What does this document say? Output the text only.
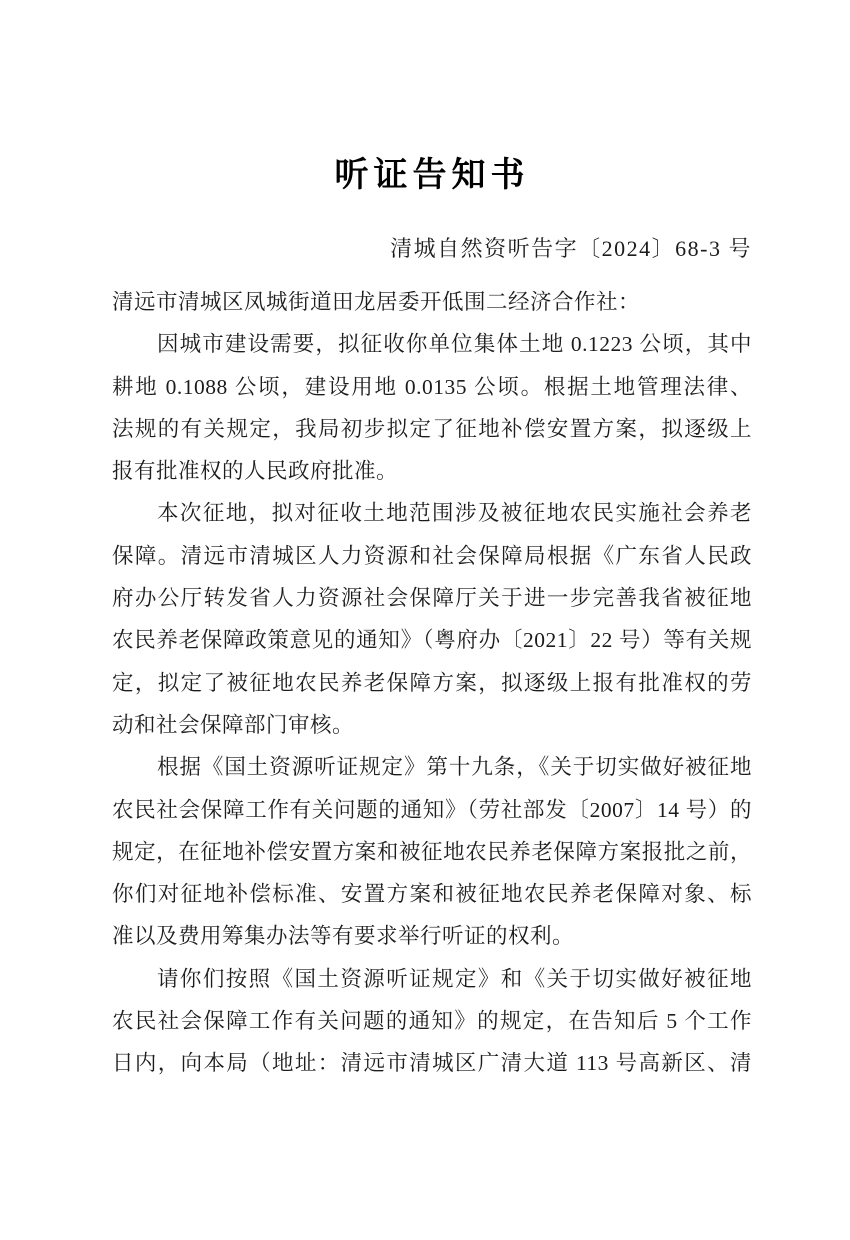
听证告知书
清城自然资听告字〔2024〕68-3 号
清远市清城区凤城街道田龙居委开低围二经济合作社：
因城市建设需要，拟征收你单位集体土地 0.1223 公顷，其中
耕地 0.1088 公顷，建设用地 0.0135 公顷。根据土地管理法律、
法规的有关规定，我局初步拟定了征地补偿安置方案，拟逐级上
报有批准权的人民政府批准。
本次征地，拟对征收土地范围涉及被征地农民实施社会养老
保障。清远市清城区人力资源和社会保障局根据《广东省人民政
府办公厅转发省人力资源社会保障厅关于进一步完善我省被征地
农民养老保障政策意见的通知》（粤府办〔2021〕22 号）等有关规
定，拟定了被征地农民养老保障方案，拟逐级上报有批准权的劳
动和社会保障部门审核。
根据《国土资源听证规定》第十九条，《关于切实做好被征地
农民社会保障工作有关问题的通知》（劳社部发〔2007〕14 号）的
规定，在征地补偿安置方案和被征地农民养老保障方案报批之前，
你们对征地补偿标准、安置方案和被征地农民养老保障对象、标
准以及费用筹集办法等有要求举行听证的权利。
请你们按照《国土资源听证规定》和《关于切实做好被征地
农民社会保障工作有关问题的通知》的规定，在告知后 5 个工作
日内，向本局（地址：清远市清城区广清大道 113 号高新区、清
